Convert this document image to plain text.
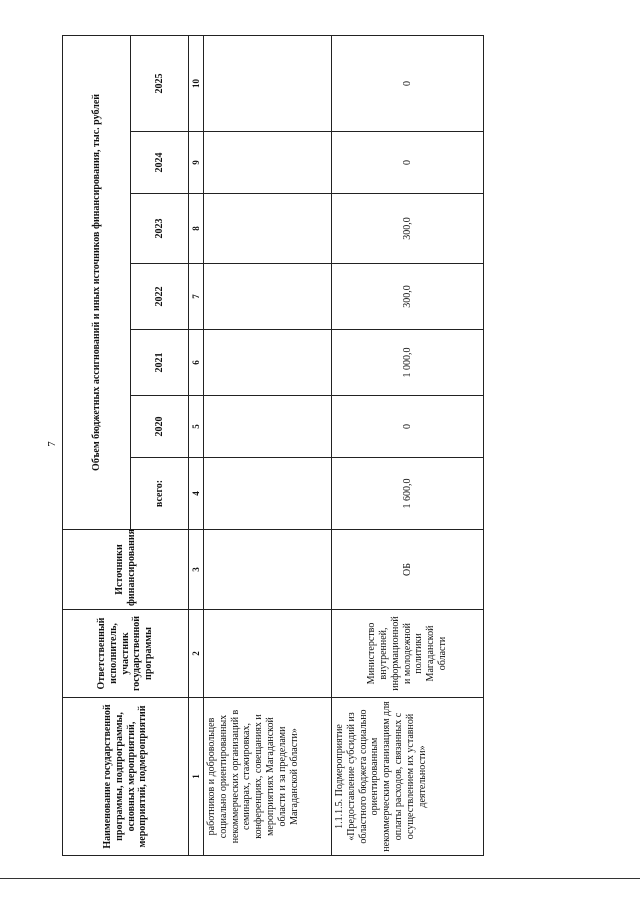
7
Наименование государственной программы, подпрограммы, основных мероприятий, мероприятий, подмероприятий	Ответственный исполнитель, участник государственной программы	Источники финансирования	Объем бюджетных ассигнований и иных источников финансирования, тыс. рублей						
			всего:	2020	2021	2022	2023	2024	2025
1	2	3	4	5	6	7	8	9	10
работников и добровольцев социально ориентированных некоммерческих организаций в семинарах, стажировках, конференциях, совещаниях и мероприятиях Магаданской области и за пределами Магаданской области»									
1.1.1.5. Подмероприятие «Предоставление субсидий из областного бюджета социально ориентированным некоммерческим организациям для оплаты расходов, связанных с осуществлением их уставной деятельности»	Министерство внутренней, информационной и молодежной политики Магаданской области	ОБ	1 600,0	0	1 000,0	300,0	300,0	0	0
